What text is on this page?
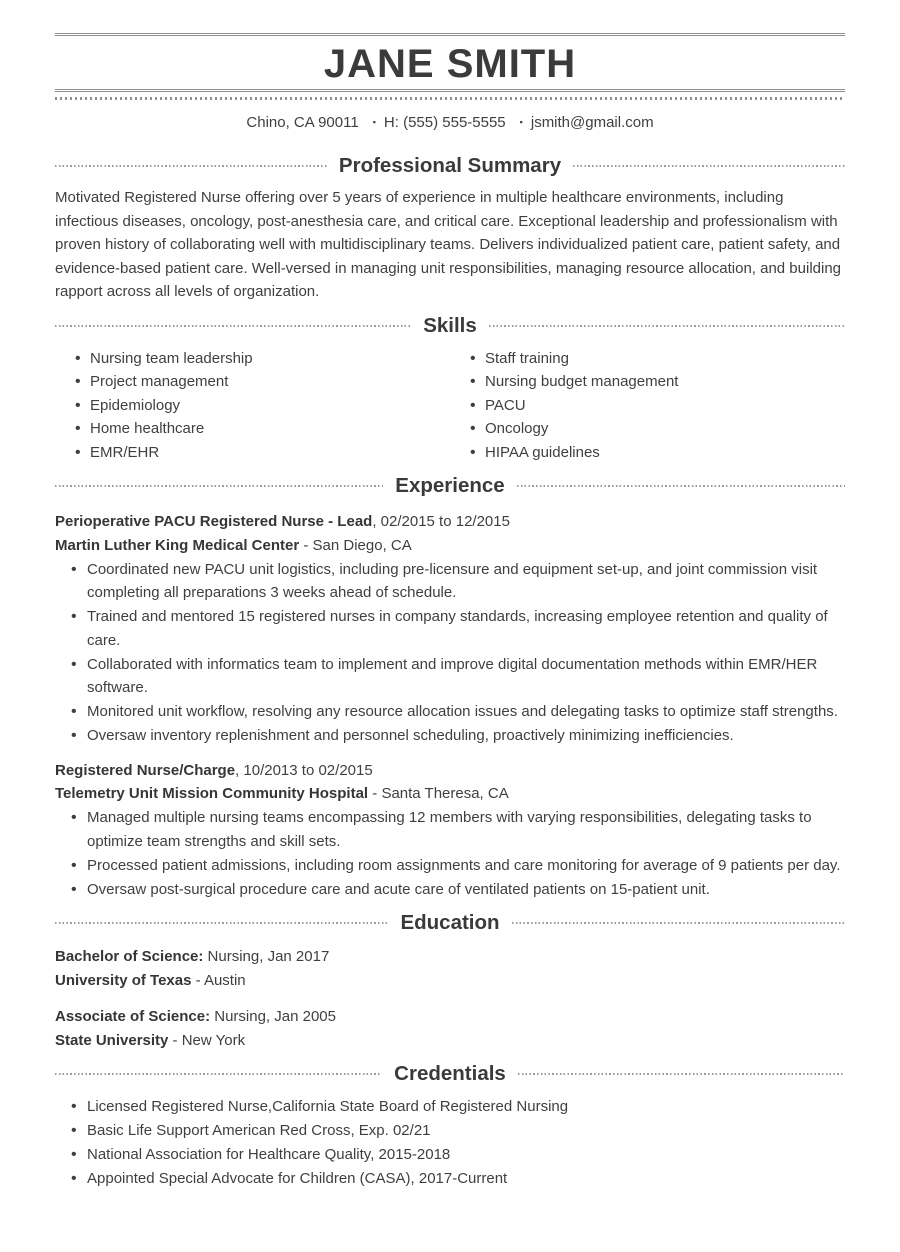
JANE SMITH
Chino, CA 90011 ▪ H: (555) 555-5555 ▪ jsmith@gmail.com
Professional Summary

Motivated Registered Nurse offering over 5 years of experience in multiple healthcare environments, including infectious diseases, oncology, post-anesthesia care, and critical care. Exceptional leadership and professionalism with proven history of collaborating well with multidisciplinary teams. Delivers individualized patient care, patient safety, and evidence-based patient care. Well-versed in managing unit responsibilities, managing resource allocation, and building rapport across all levels of organization.

Skills
• Nursing team leadership
• Project management
• Epidemiology
• Home healthcare
• EMR/EHR
• Staff training
• Nursing budget management
• PACU
• Oncology
• HIPAA guidelines
Experience
Perioperative PACU Registered Nurse - Lead, 02/2015 to 12/2015
Martin Luther King Medical Center - San Diego, CA
• Coordinated new PACU unit logistics, including pre-licensure and equipment set-up, and joint commission visit completing all preparations 3 weeks ahead of schedule.
• Trained and mentored 15 registered nurses in company standards, increasing employee retention and quality of care.
• Collaborated with informatics team to implement and improve digital documentation methods within EMR/HER software.
• Monitored unit workflow, resolving any resource allocation issues and delegating tasks to optimize staff strengths.
• Oversaw inventory replenishment and personnel scheduling, proactively minimizing inefficiencies.
Registered Nurse/Charge, 10/2013 to 02/2015
Telemetry Unit Mission Community Hospital - Santa Theresa, CA
• Managed multiple nursing teams encompassing 12 members with varying responsibilities, delegating tasks to optimize team strengths and skill sets.
• Processed patient admissions, including room assignments and care monitoring for average of 9 patients per day.
• Oversaw post-surgical procedure care and acute care of ventilated patients on 15-patient unit.
Education
Bachelor of Science: Nursing, Jan 2017
University of Texas - Austin
Associate of Science: Nursing, Jan 2005
State University - New York
Credentials
• Licensed Registered Nurse,California State Board of Registered Nursing
• Basic Life Support American Red Cross, Exp. 02/21
• National Association for Healthcare Quality, 2015-2018
• Appointed Special Advocate for Children (CASA), 2017-Current
